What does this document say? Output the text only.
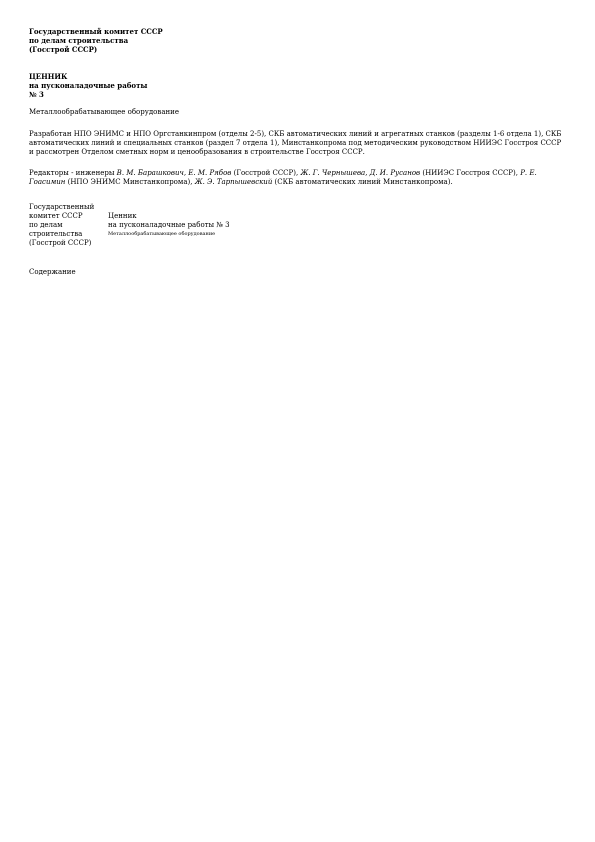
Государственный комитет СССР
по делам строительства
(Госстрой СССР)
ЦЕННИК
на пусконаладочные работы
№ 3
Металлообрабатывающее оборудование
Разработан НПО ЭНИМС и НПО Оргстанкинпром (отделы 2-5), СКБ автоматических линий и агрегатных станков (разделы 1-6 отдела 1), СКБ автоматических линий и специальных станков (раздел 7 отдела 1), Минстанкопрома под методическим руководством НИИЭС Госстроя СССР и рассмотрен Отделом сметных норм и ценообразования в строительстве Госстроя СССР.
Редакторы - инженеры В. М. Барашкович, Е. М. Рябов (Госстрой СССР), Ж. Г. Чернышева, Д. И. Русанов (НИИЭС Госстроя СССР), Р. Е. Гоасимин (НПО ЭНИМС Минстанкопрома), Ж. Э. Тарпышевский (СКБ автоматических линий Минстанкопрома).
Государственный
комитет СССР
по делам
строительства
(Госстрой СССР)
Ценник
на пусконаладочные работы № 3
Металлообрабатывающее оборудование
Содержание
